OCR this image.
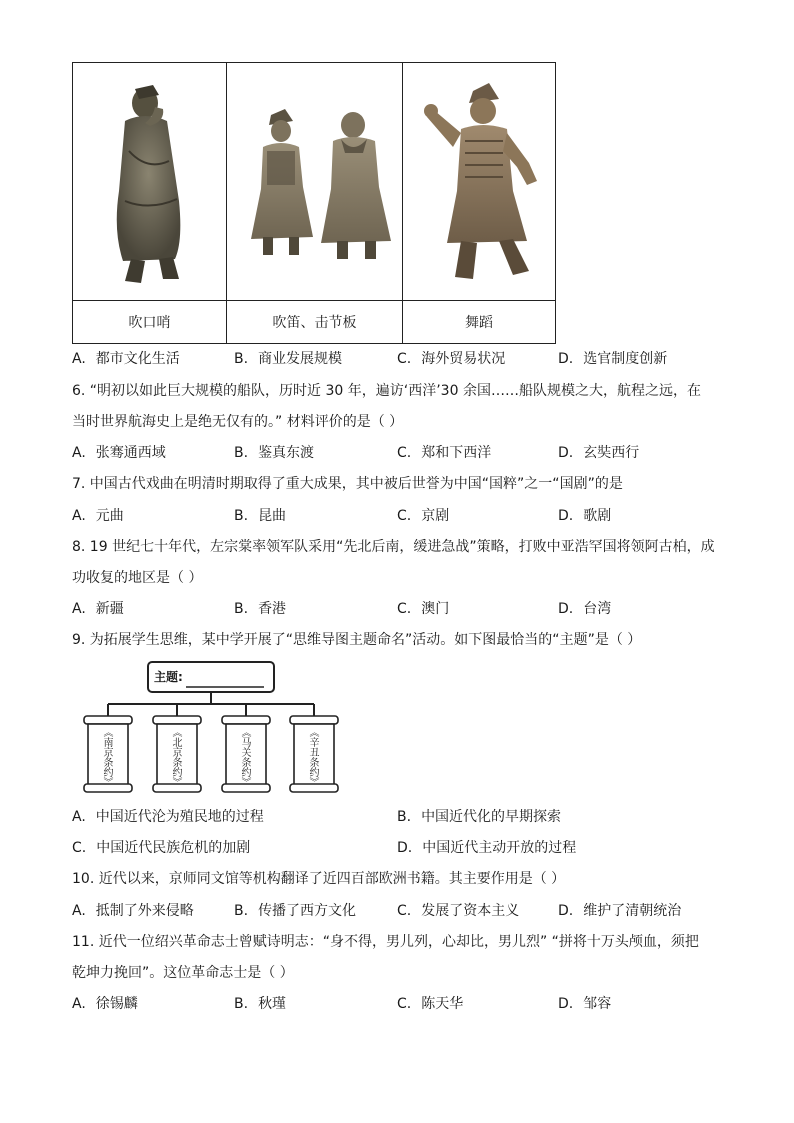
吹口哨	吹笛、击节板	舞蹈
A. 都市文化生活	B. 商业发展规模	C. 海外贸易状况	D. 选官制度创新
6. “明初以如此巨大规模的船队，历时近 30 年，遍访‘西洋’30 余国……船队规模之大，航程之远，在
当时世界航海史上是绝无仅有的。” 材料评价的是（ ）
A. 张骞通西域	B. 鉴真东渡	C. 郑和下西洋	D. 玄奘西行
7. 中国古代戏曲在明清时期取得了重大成果，其中被后世誉为中国“国粹”之一“国剧”的是
A. 元曲	B. 昆曲	C. 京剧	D. 歌剧
8. 19 世纪七十年代，左宗棠率领军队采用“先北后南，缓进急战”策略，打败中亚浩罕国将领阿古柏，成
功收复的地区是（ ）
A. 新疆	B. 香港	C. 澳门	D. 台湾
9. 为拓展学生思维，某中学开展了“思维导图主题命名”活动。如下图最恰当的“主题”是（ ）
主题:
《南京条约》	《北京条约》	《马关条约》	《辛丑条约》
A. 中国近代沦为殖民地的过程	B. 中国近代化的早期探索
C. 中国近代民族危机的加剧	D. 中国近代主动开放的过程
10. 近代以来，京师同文馆等机构翻译了近四百部欧洲书籍。其主要作用是（ ）
A. 抵制了外来侵略	B. 传播了西方文化	C. 发展了资本主义	D. 维护了清朝统治
11. 近代一位绍兴革命志士曾赋诗明志：“身不得，男儿列，心却比，男儿烈” “拼将十万头颅血，须把
乾坤力挽回”。这位革命志士是（ ）
A. 徐锡麟	B. 秋瑾	C. 陈天华	D. 邹容
